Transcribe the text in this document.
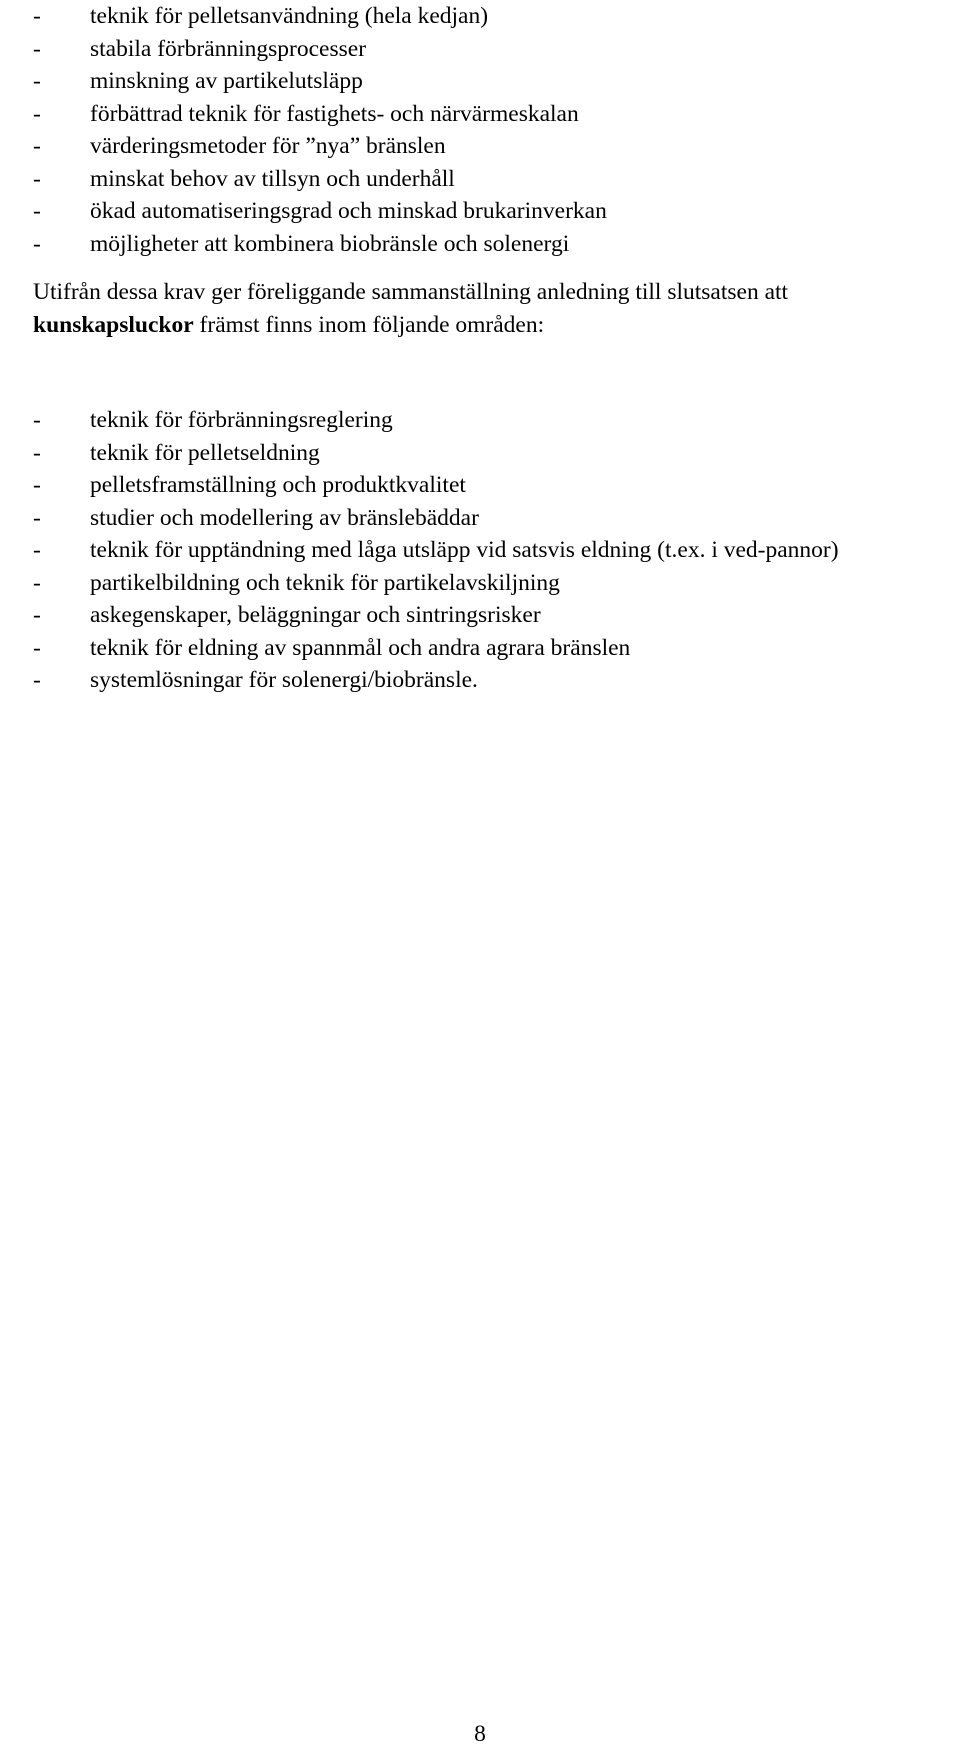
- teknik för pelletsanvändning (hela kedjan)
- stabila förbränningsprocesser
- minskning av partikelutsläpp
- förbättrad teknik för fastighets- och närvärmeskalan
- värderingsmetoder för ”nya” bränslen
- minskat behov av tillsyn och underhåll
- ökad automatiseringsgrad och minskad brukarinverkan
- möjligheter att kombinera biobränsle och solenergi

Utifrån dessa krav ger föreliggande sammanställning anledning till slutsatsen att kunskapsluckor främst finns inom följande områden:

- teknik för förbränningsreglering
- teknik för pelletseldning
- pelletsframställning och produktkvalitet
- studier och modellering av bränslebäddar
- teknik för upptändning med låga utsläpp vid satsvis eldning (t.ex. i ved-pannor)
- partikelbildning och teknik för partikelavskiljning
- askegenskaper, beläggningar och sintringsrisker
- teknik för eldning av spannmål och andra agrara bränslen
- systemlösningar för solenergi/biobränsle.
8
